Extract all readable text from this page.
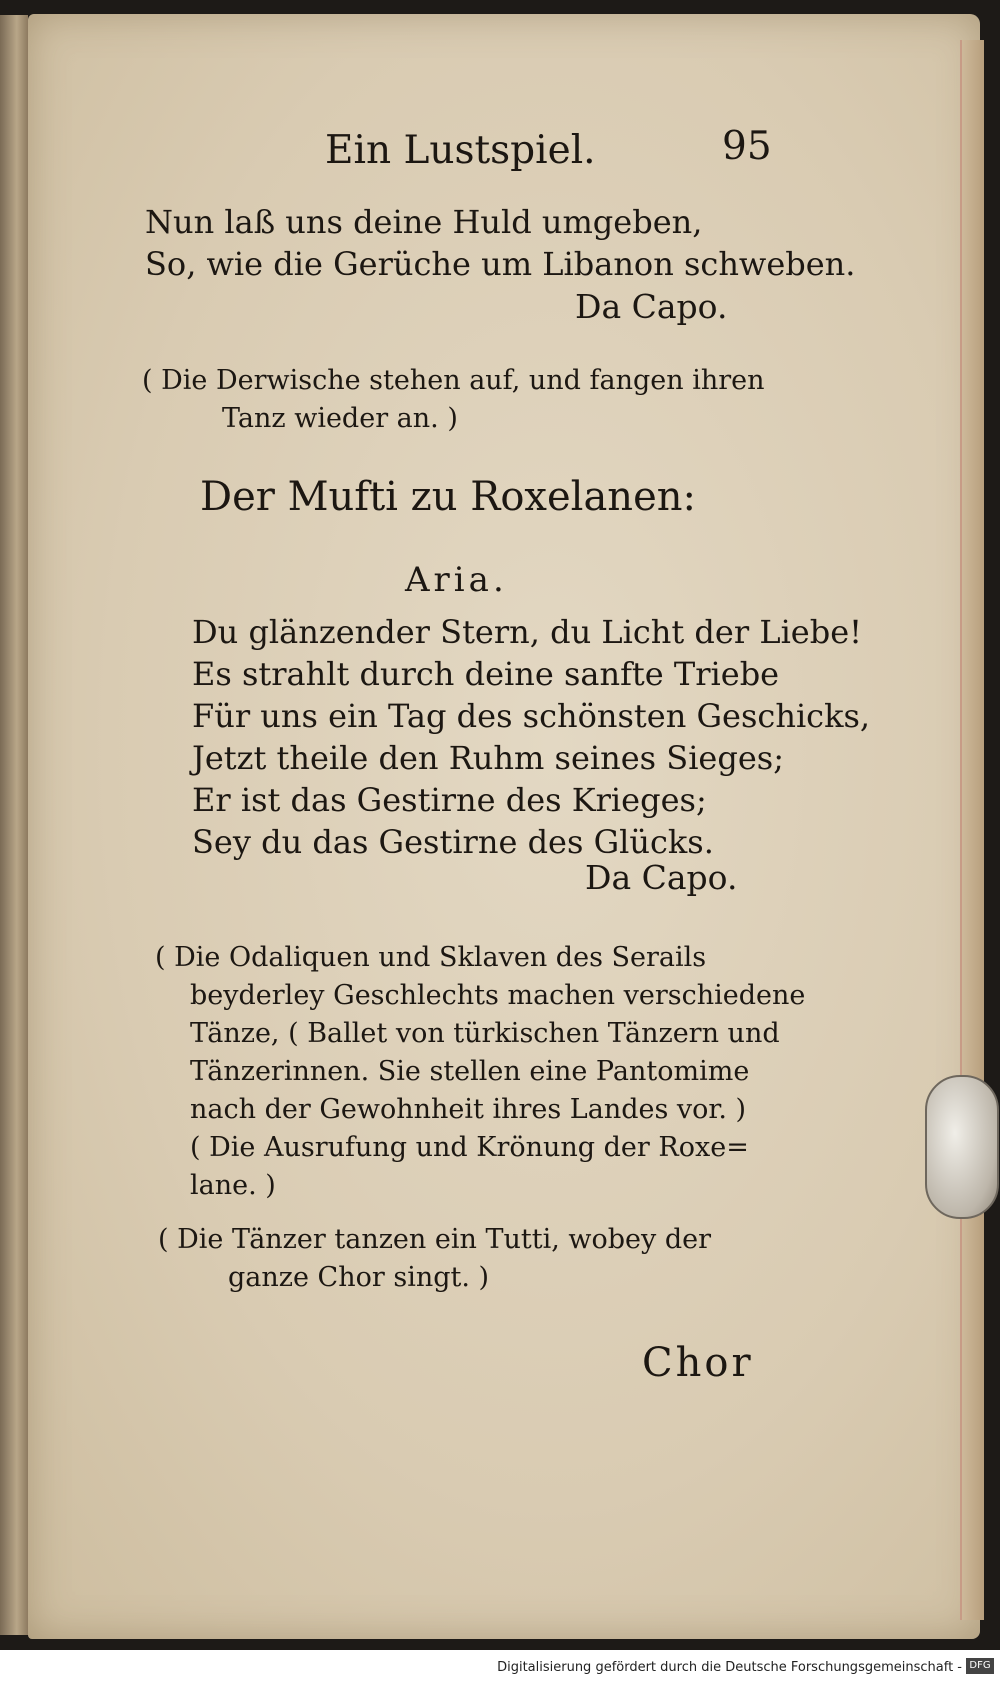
Ein Lustspiel.	95

Nun laß uns deine Huld umgeben,

So, wie die Gerüche um Libanon schweben.

Da Capo.

( Die Derwische stehen auf, und fangen ihren

Tanz wieder an. )

Der Mufti zu Roxelanen:

Aria.

Du glänzender Stern, du Licht der Liebe!

Es strahlt durch deine sanfte Triebe

Für uns ein Tag des schönsten Geschicks,

Jetzt theile den Ruhm seines Sieges;

Er ist das Gestirne des Krieges;

Sey du das Gestirne des Glücks.

Da Capo.

( Die Odaliquen und Sklaven des Serails

beyderley Geschlechts machen verschiedene

Tänze, ( Ballet von türkischen Tänzern und

Tänzerinnen. Sie stellen eine Pantomime

nach der Gewohnheit ihres Landes vor. )

( Die Ausrufung und Krönung der Roxe=

lane. )

( Die Tänzer tanzen ein Tutti, wobey der

ganze Chor singt. )

Chor

Digitalisierung gefördert durch die Deutsche Forschungsgemeinschaft - DFG
